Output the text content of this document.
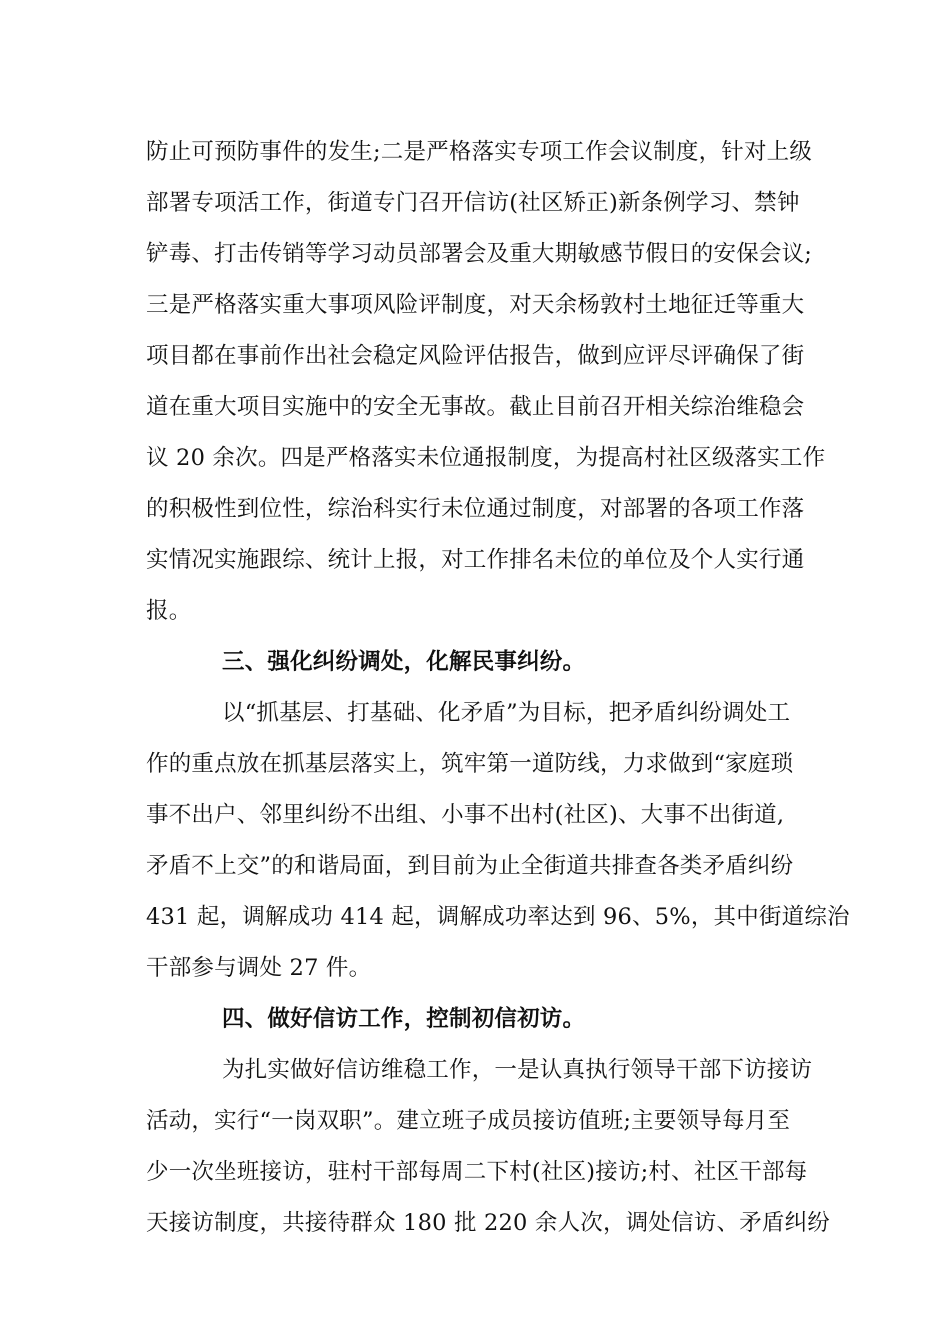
防止可预防事件的发生;二是严格落实专项工作会议制度，针对上级
部署专项活工作，街道专门召开信访(社区矫正)新条例学习、禁钟
铲毒、打击传销等学习动员部署会及重大期敏感节假日的安保会议;
三是严格落实重大事项风险评制度，对天余杨敦村土地征迁等重大
项目都在事前作出社会稳定风险评估报告，做到应评尽评确保了街
道在重大项目实施中的安全无事故。截止目前召开相关综治维稳会
议 20 余次。四是严格落实未位通报制度，为提高村社区级落实工作
的积极性到位性，综治科实行未位通过制度，对部署的各项工作落
实情况实施跟综、统计上报，对工作排名未位的单位及个人实行通
报。
三、强化纠纷调处，化解民事纠纷。
以“抓基层、打基础、化矛盾”为目标，把矛盾纠纷调处工
作的重点放在抓基层落实上，筑牢第一道防线，力求做到“家庭琐
事不出户、邻里纠纷不出组、小事不出村(社区)、大事不出街道,
矛盾不上交”的和谐局面，到目前为止全街道共排查各类矛盾纠纷
431 起，调解成功 414 起，调解成功率达到 96、5%，其中街道综治
干部参与调处 27 件。
四、做好信访工作，控制初信初访。
为扎实做好信访维稳工作，一是认真执行领导干部下访接访
活动，实行“一岗双职”。建立班子成员接访值班;主要领导每月至
少一次坐班接访，驻村干部每周二下村(社区)接访;村、社区干部每
天接访制度，共接待群众 180 批 220 余人次，调处信访、矛盾纠纷
